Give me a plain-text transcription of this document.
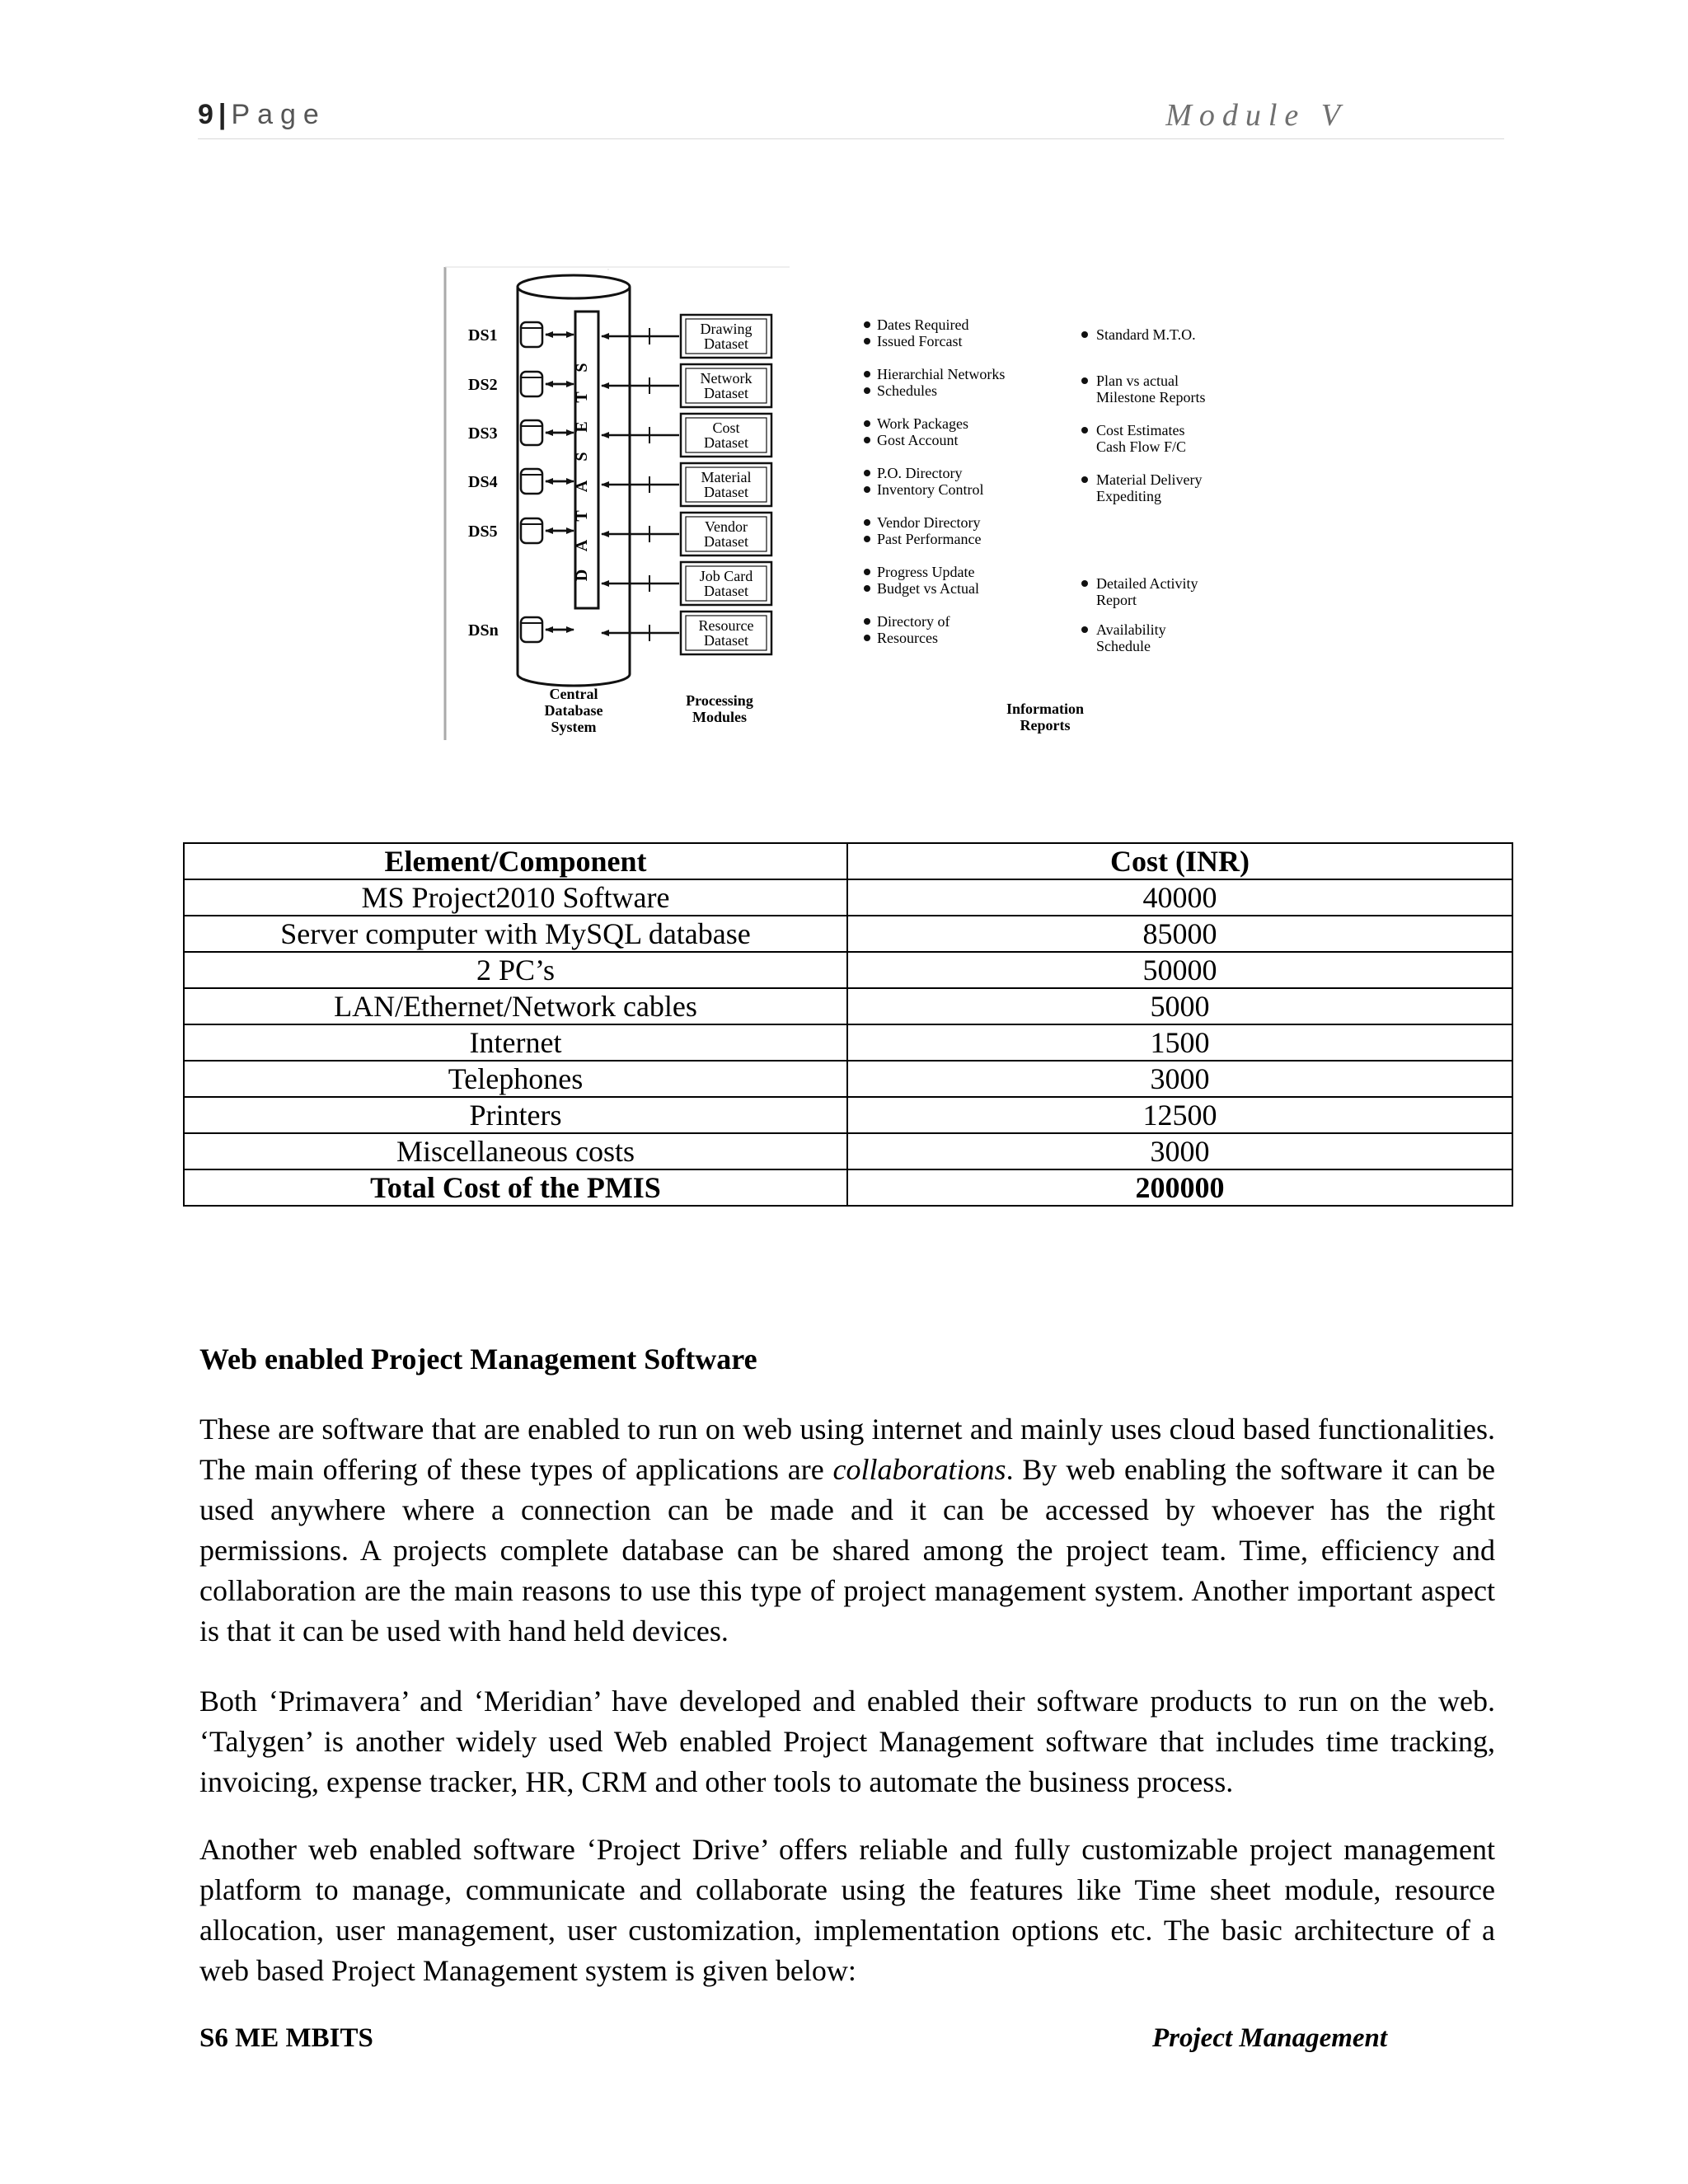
9 | Page	Module V
D
A
T
A
S
E
T
S
DS1
DS2
DS3
DS4
DS5
DSn
Drawing
Dataset
Network
Dataset
Cost
Dataset
Material
Dataset
Vendor
Dataset
Job Card
Dataset
Resource
Dataset
Dates Required
Issued Forcast
Hierarchial Networks
Schedules
Work Packages
Gost Account
P.O. Directory
Inventory Control
Vendor Directory
Past Performance
Progress Update
Budget vs Actual
Directory of
Resources
Standard M.T.O.
Plan vs actual
Milestone Reports
Cost Estimates
Cash Flow F/C
Material Delivery
Expediting
Detailed Activity
Report
Availability
Schedule
Central
Database
System
Processing
Modules	Information
Reports
Element/Component	Cost (INR)
MS Project2010 Software	40000
Server computer with MySQL database	85000
2 PC’s	50000
LAN/Ethernet/Network cables	5000
Internet	1500
Telephones	3000
Printers	12500
Miscellaneous costs	3000
Total Cost of the PMIS	200000
Web enabled Project Management Software

These are software that are enabled to run on web using internet and mainly uses cloud based functionalities. The main offering of these types of applications are collaborations. By web enabling the software it can be used anywhere where a connection can be made and it can be accessed by whoever has the right permissions. A projects complete database can be shared among the project team. Time, efficiency and collaboration are the main reasons to use this type of project management system. Another important aspect is that it can be used with hand held devices.

Both ‘Primavera’ and ‘Meridian’ have developed and enabled their software products to run on the web. ‘Talygen’ is another widely used Web enabled Project Management software that includes time tracking, invoicing, expense tracker, HR, CRM and other tools to automate the business process.

Another web enabled software ‘Project Drive’ offers reliable and fully customizable project management platform to manage, communicate and collaborate using the features like Time sheet module, resource allocation, user management, user customization, implementation options etc. The basic architecture of a web based Project Management system is given below:

S6 ME MBITS	Project Management
